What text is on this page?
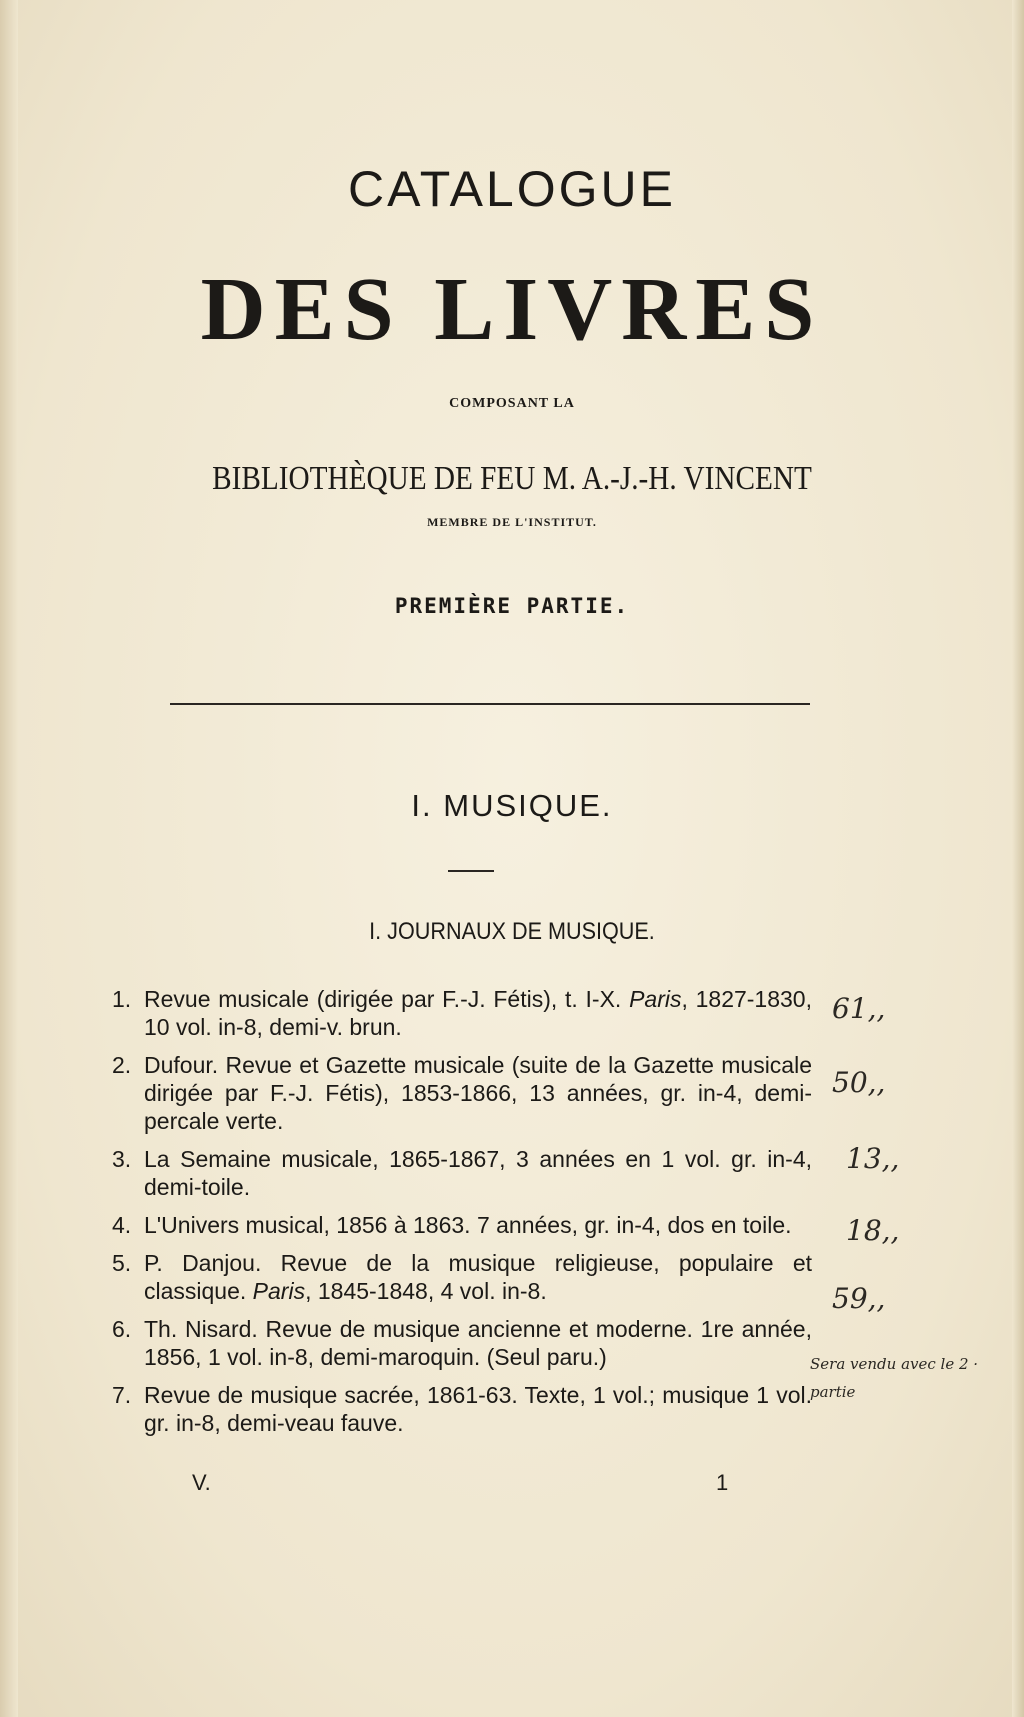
CATALOGUE
DES LIVRES
COMPOSANT LA
BIBLIOTHÈQUE DE FEU M. A.-J.-H. VINCENT
MEMBRE DE L'INSTITUT.
PREMIÈRE PARTIE.
I. MUSIQUE.
I. JOURNAUX DE MUSIQUE.
1. Revue musicale (dirigée par F.-J. Fétis), t. I-X. Paris, 1827-1830, 10 vol. in-8, demi-v. brun.
2. Dufour. Revue et Gazette musicale (suite de la Gazette musicale dirigée par F.-J. Fétis), 1853-1866, 13 années, gr. in-4, demi-percale verte.
3. La Semaine musicale, 1865-1867, 3 années en 1 vol. gr. in-4, demi-toile.
4. L'Univers musical, 1856 à 1863. 7 années, gr. in-4, dos en toile.
5. P. Danjou. Revue de la musique religieuse, populaire et classique. Paris, 1845-1848, 4 vol. in-8.
6. Th. Nisard. Revue de musique ancienne et moderne. 1re année, 1856, 1 vol. in-8, demi-maroquin. (Seul paru.)
7. Revue de musique sacrée, 1861-63. Texte, 1 vol.; musique 1 vol. gr. in-8, demi-veau fauve.
61,,
50,,
13,,
18,,
59,,
Sera vendu avec le 2 · partie
V.	1
